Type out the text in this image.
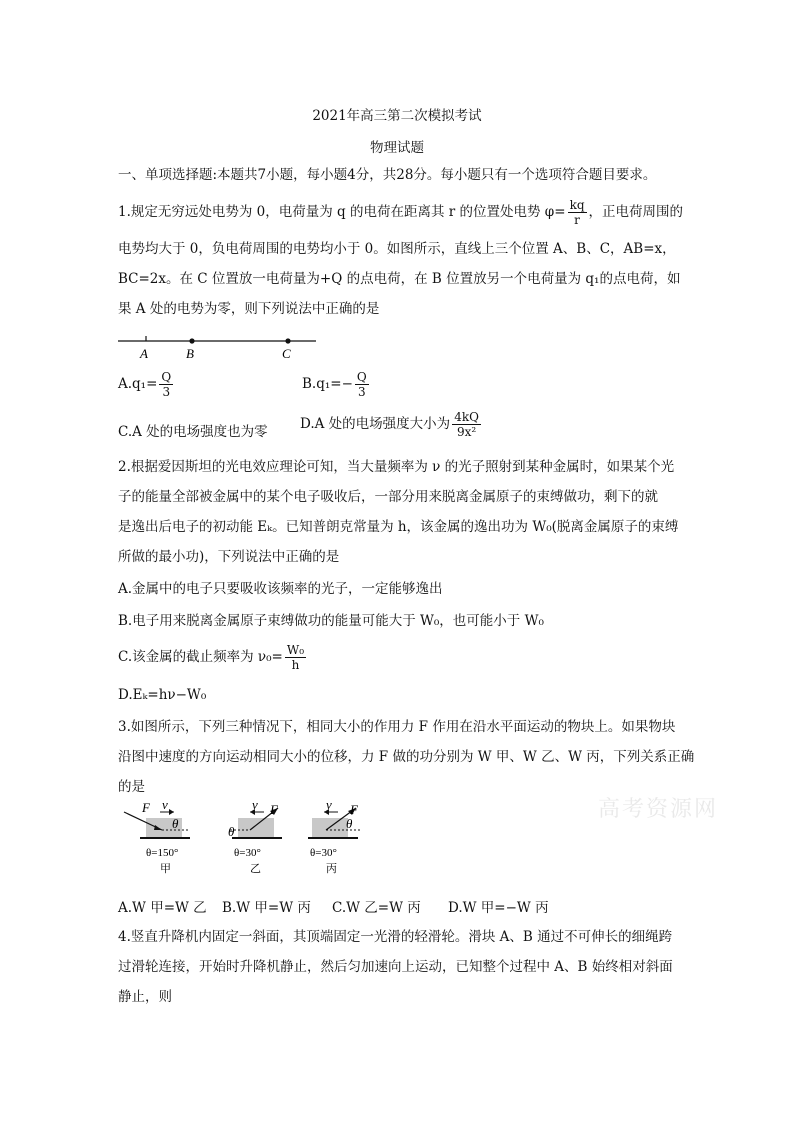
2021年高三第二次模拟考试
物理试题
一、单项选择题:本题共7小题，每小题4分，共28分。每小题只有一个选项符合题目要求。
1.规定无穷远处电势为 0，电荷量为 q 的电荷在距离其 r 的位置处电势 $\varphi= \frac{kq}{r}$ ，正电荷周围的
电势均大于 0，负电荷周围的电势均小于 0。如图所示，直线上三个位置 A、B、C，AB=x，
BC=2x。在 C 位置放一电荷量为+Q 的点电荷，在 B 位置放另一个电荷量为 q₁的点电荷，如
果 A 处的电势为零，则下列说法中正确的是
A	B	C
$A.q_1= \frac{Q}{3}$	$B.q_1=- \frac{Q}{3}$
C.A 处的电场强度也为零 D.A 处的电场强度大小为 $\frac{4kQ}{\text{9x²}}$
2.根据爱因斯坦的光电效应理论可知，当大量频率为 ν 的光子照射到某种金属时，如果某个光
子的能量全部被金属中的某个电子吸收后，一部分用来脱离金属原子的束缚做功，剩下的就
是逸出后电子的初动能 Eₖ。已知普朗克常量为 h，该金属的逸出功为 W₀(脱离金属原子的束缚
所做的最小功)，下列说法中正确的是
A.金属中的电子只要吸收该频率的光子，一定能够逸出
B.电子用来脱离金属原子束缚做功的能量可能大于 W₀，也可能小于 W₀
C.该金属的截止频率为 $\nu_0= \frac{\text{W₀}}{h}$
D.Eₖ=hν−W₀
3.如图所示，下列三种情况下，相同大小的作用力 F 作用在沿水平面运动的物块上。如果物块
沿图中速度的方向运动相同大小的位移，力 F 做的功分别为 W 甲、W 乙、W 丙，下列关系正确
的是
高考资源网
F v
θ
θ=150°
甲
F
v
θ
θ=30°
乙
F
v
θ
θ=30°
丙
A.W 甲=W 乙 B.W 甲=W 丙 C.W 乙=W 丙 D.W 甲=−W 丙
4.竖直升降机内固定一斜面，其顶端固定一光滑的轻滑轮。滑块 A、B 通过不可伸长的细绳跨
过滑轮连接，开始时升降机静止，然后匀加速向上运动，已知整个过程中 A、B 始终相对斜面
静止，则
